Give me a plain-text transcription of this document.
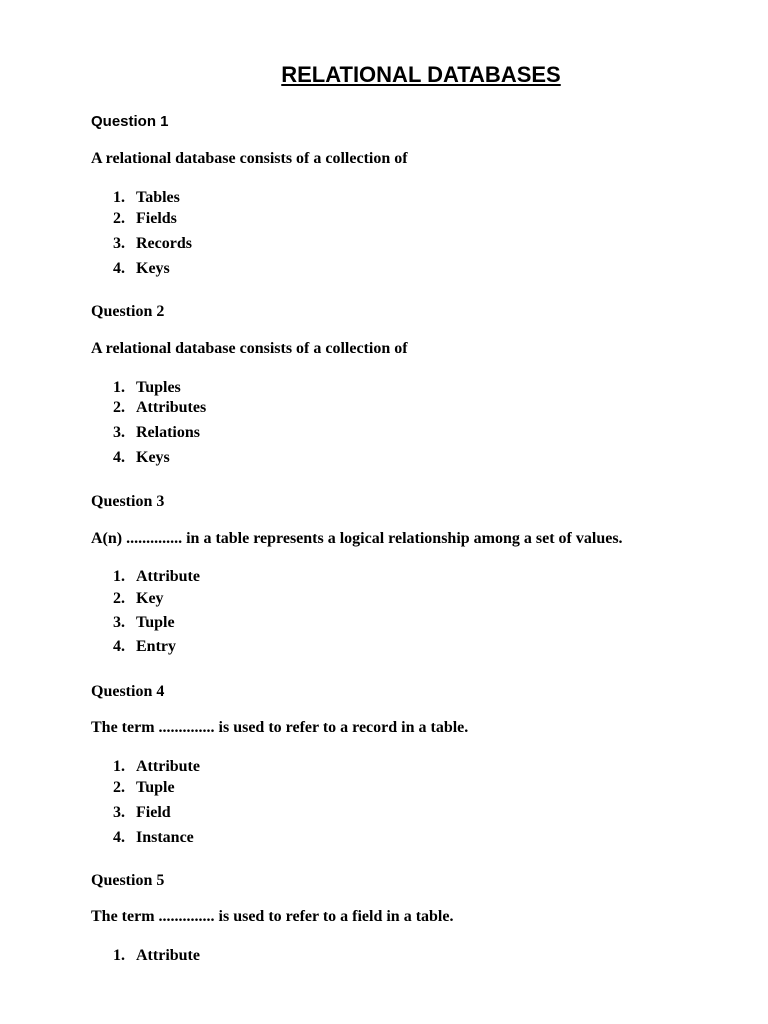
RELATIONAL DATABASES
Question 1
A relational database consists of a collection of
1. Tables
2. Fields
3. Records
4. Keys
Question 2
A relational database consists of a collection of
1. Tuples
2. Attributes
3. Relations
4. Keys
Question 3
A(n) .............. in a table represents a logical relationship among a set of values.
1. Attribute
2. Key
3. Tuple
4. Entry
Question 4
The term .............. is used to refer to a record in a table.
1. Attribute
2. Tuple
3. Field
4. Instance
Question 5
The term .............. is used to refer to a field in a table.
1. Attribute
